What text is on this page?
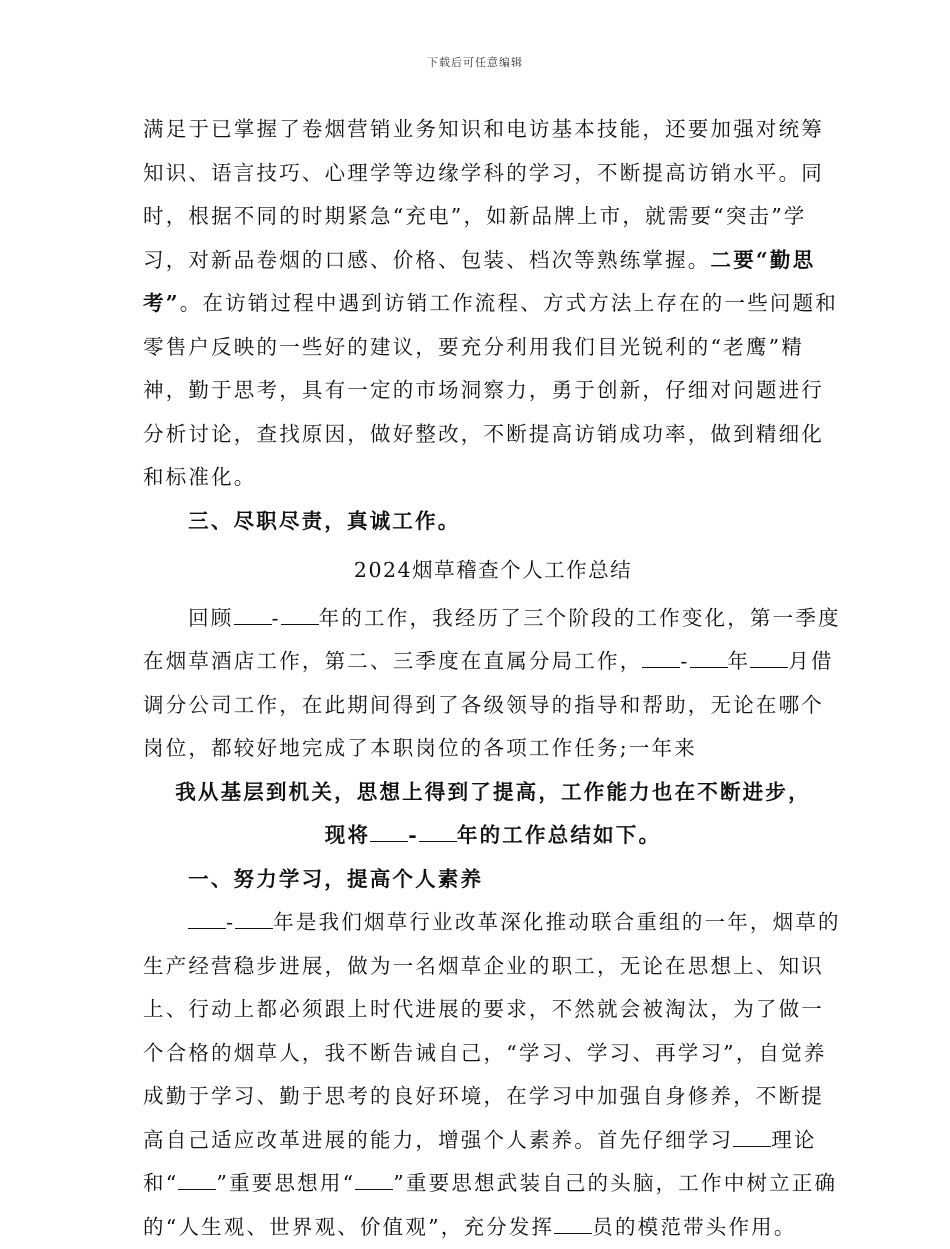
下载后可任意编辑

满足于已掌握了卷烟营销业务知识和电访基本技能，还要加强对统筹知识、语言技巧、心理学等边缘学科的学习，不断提高访销水平。同时，根据不同的时期紧急“充电”，如新品牌上市，就需要“突击”学习，对新品卷烟的口感、价格、包装、档次等熟练掌握。二要“勤思考”。在访销过程中遇到访销工作流程、方式方法上存在的一些问题和零售户反映的一些好的建议，要充分利用我们目光锐利的“老鹰”精神，勤于思考，具有一定的市场洞察力，勇于创新，仔细对问题进行分析讨论，查找原因，做好整改，不断提高访销成功率，做到精细化和标准化。

三、尽职尽责，真诚工作。

2024烟草稽查个人工作总结

回顾 - 年的工作，我经历了三个阶段的工作变化，第一季度在烟草酒店工作，第二、三季度在直属分局工作， - 年 月借调分公司工作，在此期间得到了各级领导的指导和帮助，无论在哪个岗位，都较好地完成了本职岗位的各项工作任务;一年来

我从基层到机关，思想上得到了提高，工作能力也在不断进步，

现将 - 年的工作总结如下。

一、努力学习，提高个人素养

- 年是我们烟草行业改革深化推动联合重组的一年，烟草的生产经营稳步进展，做为一名烟草企业的职工，无论在思想上、知识上、行动上都必须跟上时代进展的要求，不然就会被淘汰，为了做一个合格的烟草人，我不断告诫自己，“学习、学习、再学习”，自觉养成勤于学习、勤于思考的良好环境，在学习中加强自身修养，不断提高自己适应改革进展的能力，增强个人素养。首先仔细学习 理论和“ ”重要思想用“ ”重要思想武装自己的头脑，工作中树立正确的“人生观、世界观、价值观”，充分发挥 员的模范带头作用。
